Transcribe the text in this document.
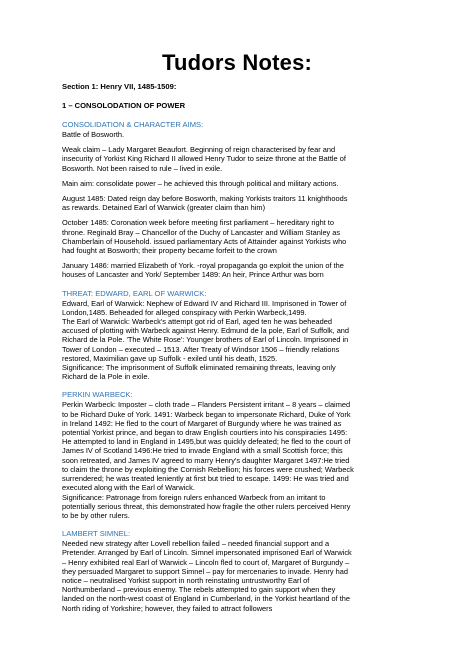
Tudors Notes:

Section 1: Henry VII, 1485-1509:

1 – CONSOLODATION OF POWER

CONSOLIDATION & CHARACTER AIMS:

Battle of Bosworth.

Weak claim – Lady Margaret Beaufort. Beginning of reign characterised by fear and

insecurity of Yorkist King Richard II allowed Henry Tudor to seize throne at the Battle of

Bosworth. Not been raised to rule – lived in exile.

Main aim: consolidate power – he achieved this through political and military actions.

August 1485: Dated reign day before Bosworth, making Yorkists traitors 11 knighthoods

as rewards. Detained Earl of Warwick (greater claim than him)

October 1485: Coronation week before meeting first parliament – hereditary right to

throne. Reginald Bray – Chancellor of the Duchy of Lancaster and William Stanley as

Chamberlain of Household. issued parliamentary Acts of Attainder against Yorkists who

had fought at Bosworth; their property became forfeit to the crown

January 1486: married Elizabeth of York. -royal propaganda go exploit the union of the

houses of Lancaster and York/ September 1489: An heir, Prince Arthur was born

THREAT: EDWARD, EARL OF WARWICK:

Edward, Earl of Warwick: Nephew of Edward IV and Richard III. Imprisoned in Tower of

London,1485. Beheaded for alleged conspiracy with Perkin Warbeck,1499.

The Earl of Warwick: Warbeck's attempt got rid of Earl, aged ten he was beheaded

accused of plotting with Warbeck against Henry. Edmund de la pole, Earl of Suffolk, and

Richard de la Pole. 'The White Rose': Younger brothers of Earl of Lincoln. Imprisoned in

Tower of London – executed – 1513. After Treaty of Windsor 1506 – friendly relations

restored, Maximilian gave up Suffolk - exiled until his death, 1525.

Significance: The imprisonment of Suffolk eliminated remaining threats, leaving only

Richard de la Pole in exile.

PERKIN WARBECK:

Perkin Warbeck: Imposter – cloth trade – Flanders Persistent irritant – 8 years – claimed

to be Richard Duke of York. 1491: Warbeck began to impersonate Richard, Duke of York

in Ireland 1492: He fled to the court of Margaret of Burgundy where he was trained as

potential Yorkist prince, and began to draw English courtiers into his conspiracies 1495:

He attempted to land in England in 1495,but was quickly defeated; he fled to the court of

James IV of Scotland 1496:He tried to invade England with a small Scottish force; this

soon retreated, and James IV agreed to marry Henry's daughter Margaret 1497:He tried

to claim the throne by exploiting the Cornish Rebellion; his forces were crushed; Warbeck

surrendered; he was treated leniently at first but tried to escape. 1499: He was tried and

executed along with the Earl of Warwick.

Significance: Patronage from foreign rulers enhanced Warbeck from an irritant to

potentially serious threat, this demonstrated how fragile the other rulers perceived Henry

to be by other rulers.

LAMBERT SIMNEL:

Needed new strategy after Lovell rebellion failed – needed financial support and a

Pretender. Arranged by Earl of Lincoln. Simnel impersonated imprisoned Earl of Warwick

– Henry exhibited real Earl of Warwick – Lincoln fled to court of, Margaret of Burgundy –

they persuaded Margaret to support Simnel – pay for mercenaries to invade. Henry had

notice – neutralised Yorkist support in north reinstating untrustworthy Earl of

Northumberland – previous enemy. The rebels attempted to gain support when they

landed on the north-west coast of England in Cumberland, in the Yorkist heartland of the

North riding of Yorkshire; however, they failed to attract followers
